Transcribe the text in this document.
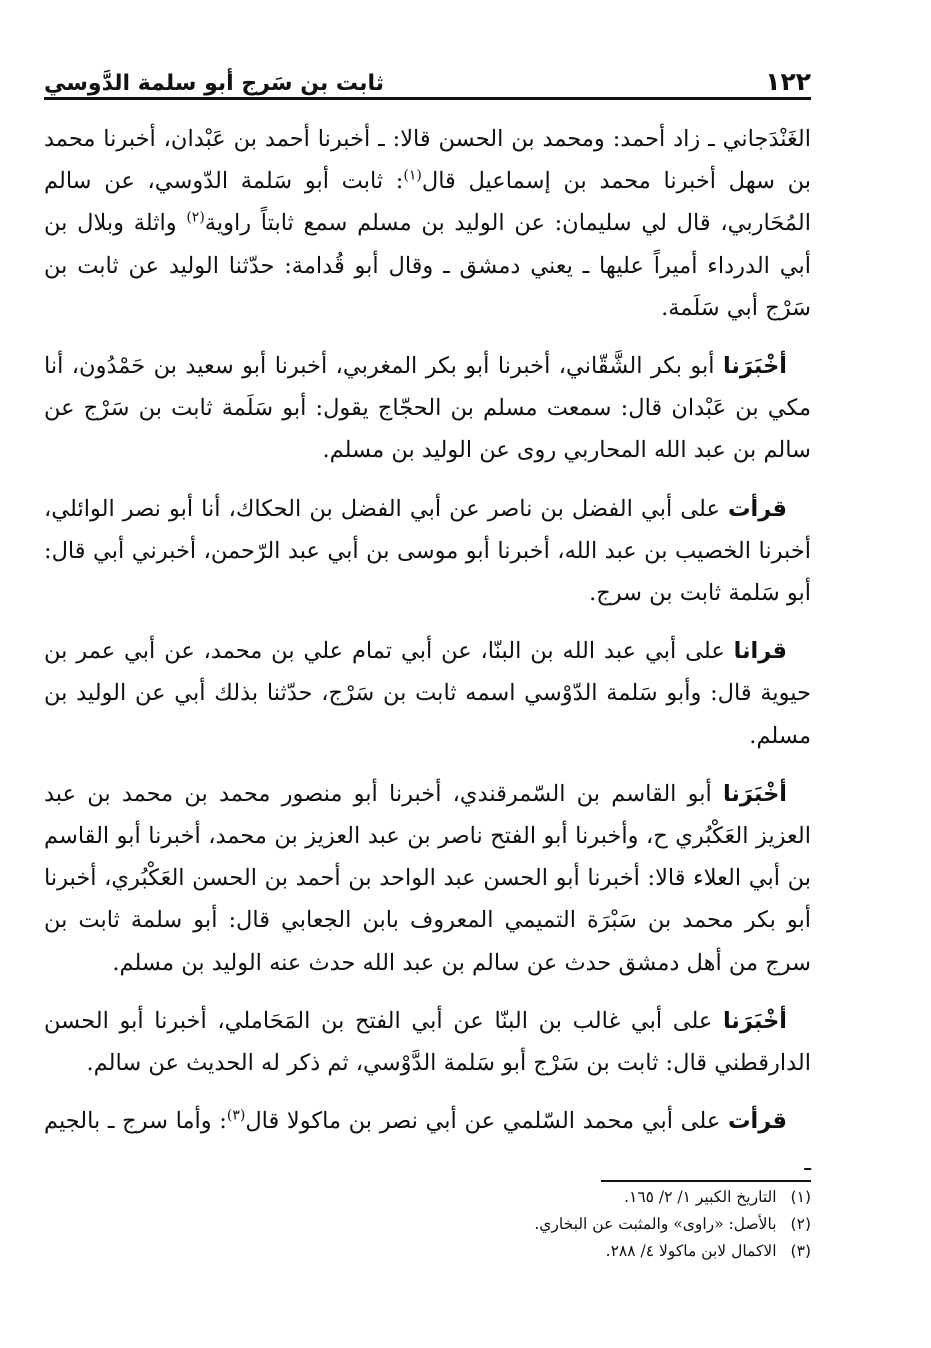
١٢٢
ثابت بن سَرج أبو سلمة الدَّوسي

الغَنْدَجاني ـ زاد أحمد: ومحمد بن الحسن قالا: ـ أخبرنا أحمد بن عَبْدان، أخبرنا محمد بن سهل أخبرنا محمد بن إسماعيل قال$^{(١)}$: ثابت أبو سَلمة الدّوسي، عن سالم المُحَاربي، قال لي سليمان: عن الوليد بن مسلم سمع ثابتاً راوية$^{(٢)}$ واثلة وبلال بن أبي الدرداء أميراً عليها ـ يعني دمشق ـ وقال أبو قُدامة: حدّثنا الوليد عن ثابت بن سَرْج أبي سَلَمة.

أخْبَرَنا أبو بكر الشَّقّاني، أخبرنا أبو بكر المغربي، أخبرنا أبو سعيد بن حَمْدُون، أنا مكي بن عَبْدان قال: سمعت مسلم بن الحجّاج يقول: أبو سَلَمة ثابت بن سَرْج عن سالم بن عبد الله المحاربي روى عن الوليد بن مسلم.

قرأت على أبي الفضل بن ناصر عن أبي الفضل بن الحكاك، أنا أبو نصر الوائلي، أخبرنا الخصيب بن عبد الله، أخبرنا أبو موسى بن أبي عبد الرّحمن، أخبرني أبي قال: أبو سَلمة ثابت بن سرج.

قرانا على أبي عبد الله بن البنّا، عن أبي تمام علي بن محمد، عن أبي عمر بن حيوية قال: وأبو سَلمة الدّوْسي اسمه ثابت بن سَرْج، حدّثنا بذلك أبي عن الوليد بن مسلم.

أخْبَرَنا أبو القاسم بن السّمرقندي، أخبرنا أبو منصور محمد بن محمد بن عبد العزيز العَكْبُري ح، وأخبرنا أبو الفتح ناصر بن عبد العزيز بن محمد، أخبرنا أبو القاسم بن أبي العلاء قالا: أخبرنا أبو الحسن عبد الواحد بن أحمد بن الحسن العَكْبُري، أخبرنا أبو بكر محمد بن سَبْرَة التميمي المعروف بابن الجعابي قال: أبو سلمة ثابت بن سرج من أهل دمشق حدث عن سالم بن عبد الله حدث عنه الوليد بن مسلم.

أخْبَرَنا على أبي غالب بن البنّا عن أبي الفتح بن المَحَاملي، أخبرنا أبو الحسن الدارقطني قال: ثابت بن سَرْج أبو سَلمة الدَّوْسي، ثم ذكر له الحديث عن سالم.

قرأت على أبي محمد السّلمي عن أبي نصر بن ماكولا قال$^{(٣)}$: وأما سرج ـ بالجيم ـ

(١)
التاريخ الكبير ١/ ٢/ ١٦٥.
(٢)
بالأصل: «راوى» والمثبت عن البخاري.
(٣)
الاكمال لابن ماكولا ٤/ ٢٨٨.
